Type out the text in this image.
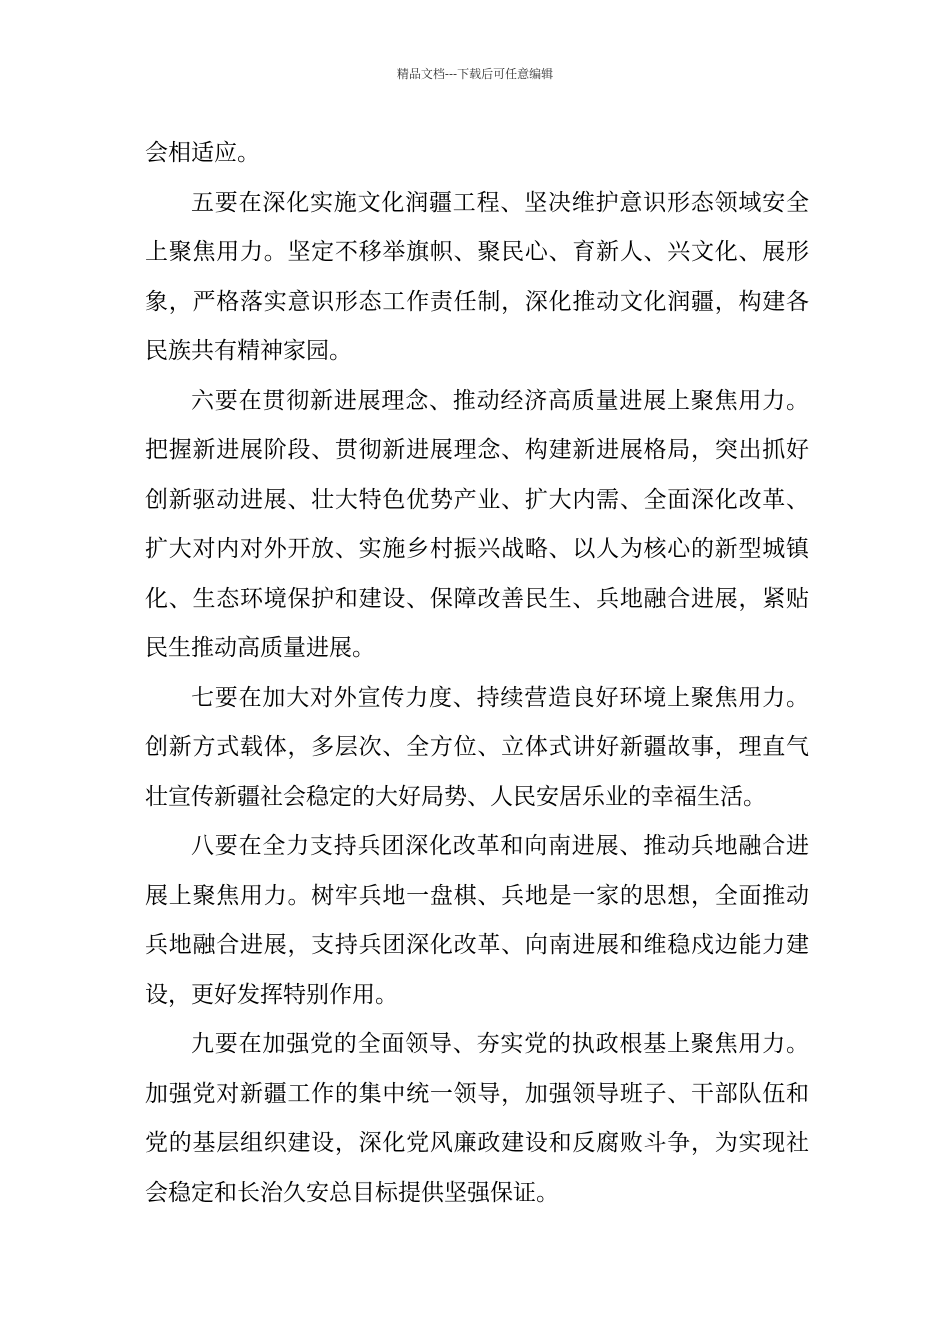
精品文档---下载后可任意编辑

会相适应。

五要在深化实施文化润疆工程、坚决维护意识形态领域安全上聚焦用力。坚定不移举旗帜、聚民心、育新人、兴文化、展形象，严格落实意识形态工作责任制，深化推动文化润疆，构建各民族共有精神家园。

六要在贯彻新进展理念、推动经济高质量进展上聚焦用力。把握新进展阶段、贯彻新进展理念、构建新进展格局，突出抓好创新驱动进展、壮大特色优势产业、扩大内需、全面深化改革、扩大对内对外开放、实施乡村振兴战略、以人为核心的新型城镇化、生态环境保护和建设、保障改善民生、兵地融合进展，紧贴民生推动高质量进展。

七要在加大对外宣传力度、持续营造良好环境上聚焦用力。创新方式载体，多层次、全方位、立体式讲好新疆故事，理直气壮宣传新疆社会稳定的大好局势、人民安居乐业的幸福生活。

八要在全力支持兵团深化改革和向南进展、推动兵地融合进展上聚焦用力。树牢兵地一盘棋、兵地是一家的思想，全面推动兵地融合进展，支持兵团深化改革、向南进展和维稳戍边能力建设，更好发挥特别作用。

九要在加强党的全面领导、夯实党的执政根基上聚焦用力。加强党对新疆工作的集中统一领导，加强领导班子、干部队伍和党的基层组织建设，深化党风廉政建设和反腐败斗争，为实现社会稳定和长治久安总目标提供坚强保证。
